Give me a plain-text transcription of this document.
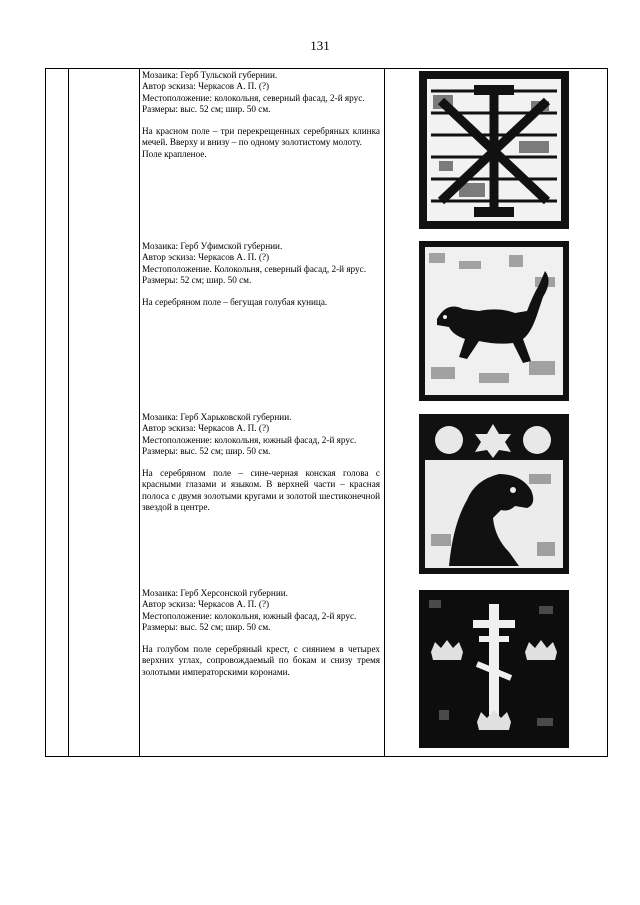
131

Мозаика: Герб Тульской губернии.

Автор эскиза: Черкасов А. П. (?)

Местоположение: колокольня, северный фасад, 2-й ярус.

Размеры: выс. 52 см; шир. 50 см.

На красном поле – три перекрещенных серебряных клинка мечей. Вверху и внизу – по одному золотистому молоту.

Поле крапленое.

Мозаика: Герб Уфимской губернии.

Автор эскиза: Черкасов А. П. (?)

Местоположение. Колокольня, северный фасад, 2-й ярус.

Размеры: 52 см; шир. 50 см.

На серебряном поле – бегущая голубая куница.

Мозаика: Герб Харьковской губернии.

Автор эскиза: Черкасов А. П. (?)

Местоположение: колокольня, южный фасад, 2-й ярус.

Размеры: выс. 52 см; шир. 50 см.

На серебряном поле – сине-черная конская голова с красными глазами и языком. В верхней части – красная полоса с двумя золотыми кругами и золотой шестиконечной звездой в центре.

Мозаика: Герб Херсонской губернии.

Автор эскиза: Черкасов А. П. (?)

Местоположение: колокольня, южный фасад, 2-й ярус.

Размеры: выс. 52 см; шир. 50 см.

На голубом поле серебряный крест, с сиянием в четырех верхних углах, сопровождаемый по бокам и снизу тремя золотыми императорскими коронами.
